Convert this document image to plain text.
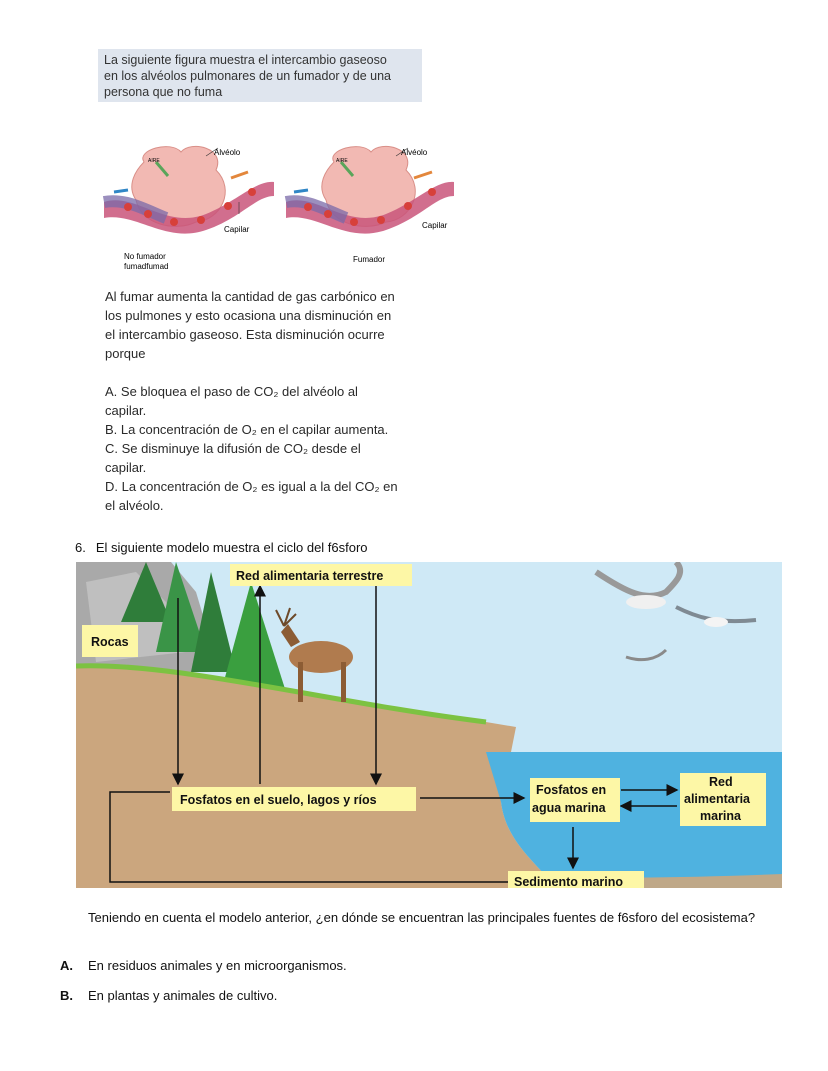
La siguiente figura muestra el intercambio gaseoso
en los alvéolos pulmonares de un fumador y de una
persona que no fuma

Alvéolo
Capilar
AIRE
No fumador
fumadfumad
Alvéolo
Capilar
AIRE
Fumador
Al fumar aumenta la cantidad de gas carbónico en
los pulmones y esto ocasiona una disminución en
el intercambio gaseoso. Esta disminución ocurre
porque
A. Se bloquea el paso de CO₂ del alvéolo al
capilar.
B. La concentración de O₂ en el capilar aumenta.
C. Se disminuye la difusión de CO₂ desde el
capilar.
D. La concentración de O₂ es igual a la del CO₂ en
el alvéolo.
6. El siguiente modelo muestra el ciclo del f6sforo
Red alimentaria terrestre
Rocas
Fosfatos en el suelo, lagos y ríos
Fosfatos en
agua marina
Red
alimentaria
marina
Sedimento marino
Teniendo en cuenta el modelo anterior, ¿en dónde se encuentran las principales fuentes de f6sforo del ecosistema?
A. En residuos animales y en microorganismos.
B. En plantas y animales de cultivo.
